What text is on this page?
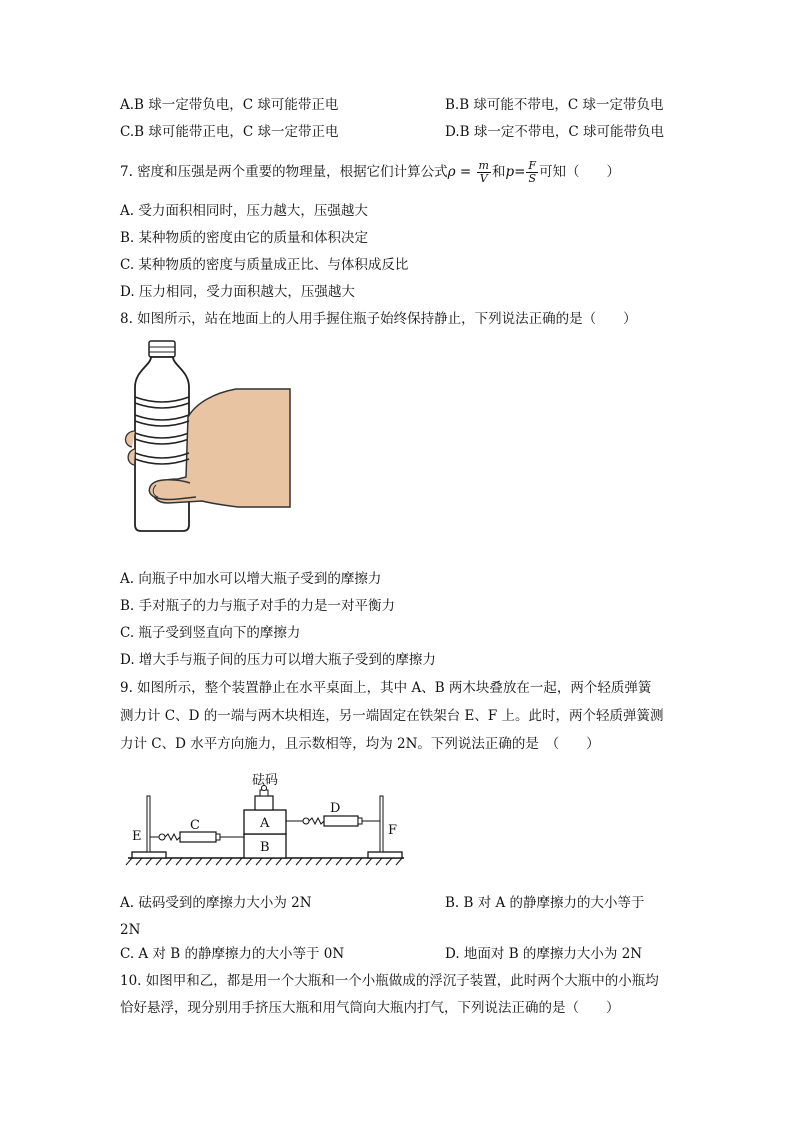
A.B 球一定带负电，C 球可能带正电	B.B 球可能不带电，C 球一定带负电
C.B 球可能带正电，C 球一定带正电	D.B 球一定不带电，C 球可能带负电
7. 密度和压强是两个重要的物理量，根据它们计算公式$\rho = \frac{m}{V}$ 和$p= \frac{F}{S}$ 可知（　　）
A. 受力面积相同时，压力越大，压强越大
B. 某种物质的密度由它的质量和体积决定
C. 某种物质的密度与质量成正比、与体积成反比
D. 压力相同，受力面积越大，压强越大
8. 如图所示，站在地面上的人用手握住瓶子始终保持静止，下列说法正确的是（　　）
A. 向瓶子中加水可以增大瓶子受到的摩擦力
B. 手对瓶子的力与瓶子对手的力是一对平衡力
C. 瓶子受到竖直向下的摩擦力
D. 增大手与瓶子间的压力可以增大瓶子受到的摩擦力
9. 如图所示，整个装置静止在水平桌面上，其中 A、B 两木块叠放在一起，两个轻质弹簧
测力计 C、D 的一端与两木块相连，另一端固定在铁架台 E、F 上。此时，两个轻质弹簧测
力计 C、D 水平方向施力，且示数相等，均为 2N。下列说法正确的是　（　　）
砝码
A
B
C
D
E	F
A. 砝码受到的摩擦力大小为 2N	B. B 对 A 的静摩擦力的大小等于
2N
C. A 对 B 的静摩擦力的大小等于 0N	D. 地面对 B 的摩擦力大小为 2N
10. 如图甲和乙，都是用一个大瓶和一个小瓶做成的浮沉子装置，此时两个大瓶中的小瓶均
恰好悬浮，现分别用手挤压大瓶和用气筒向大瓶内打气，下列说法正确的是（　　）
